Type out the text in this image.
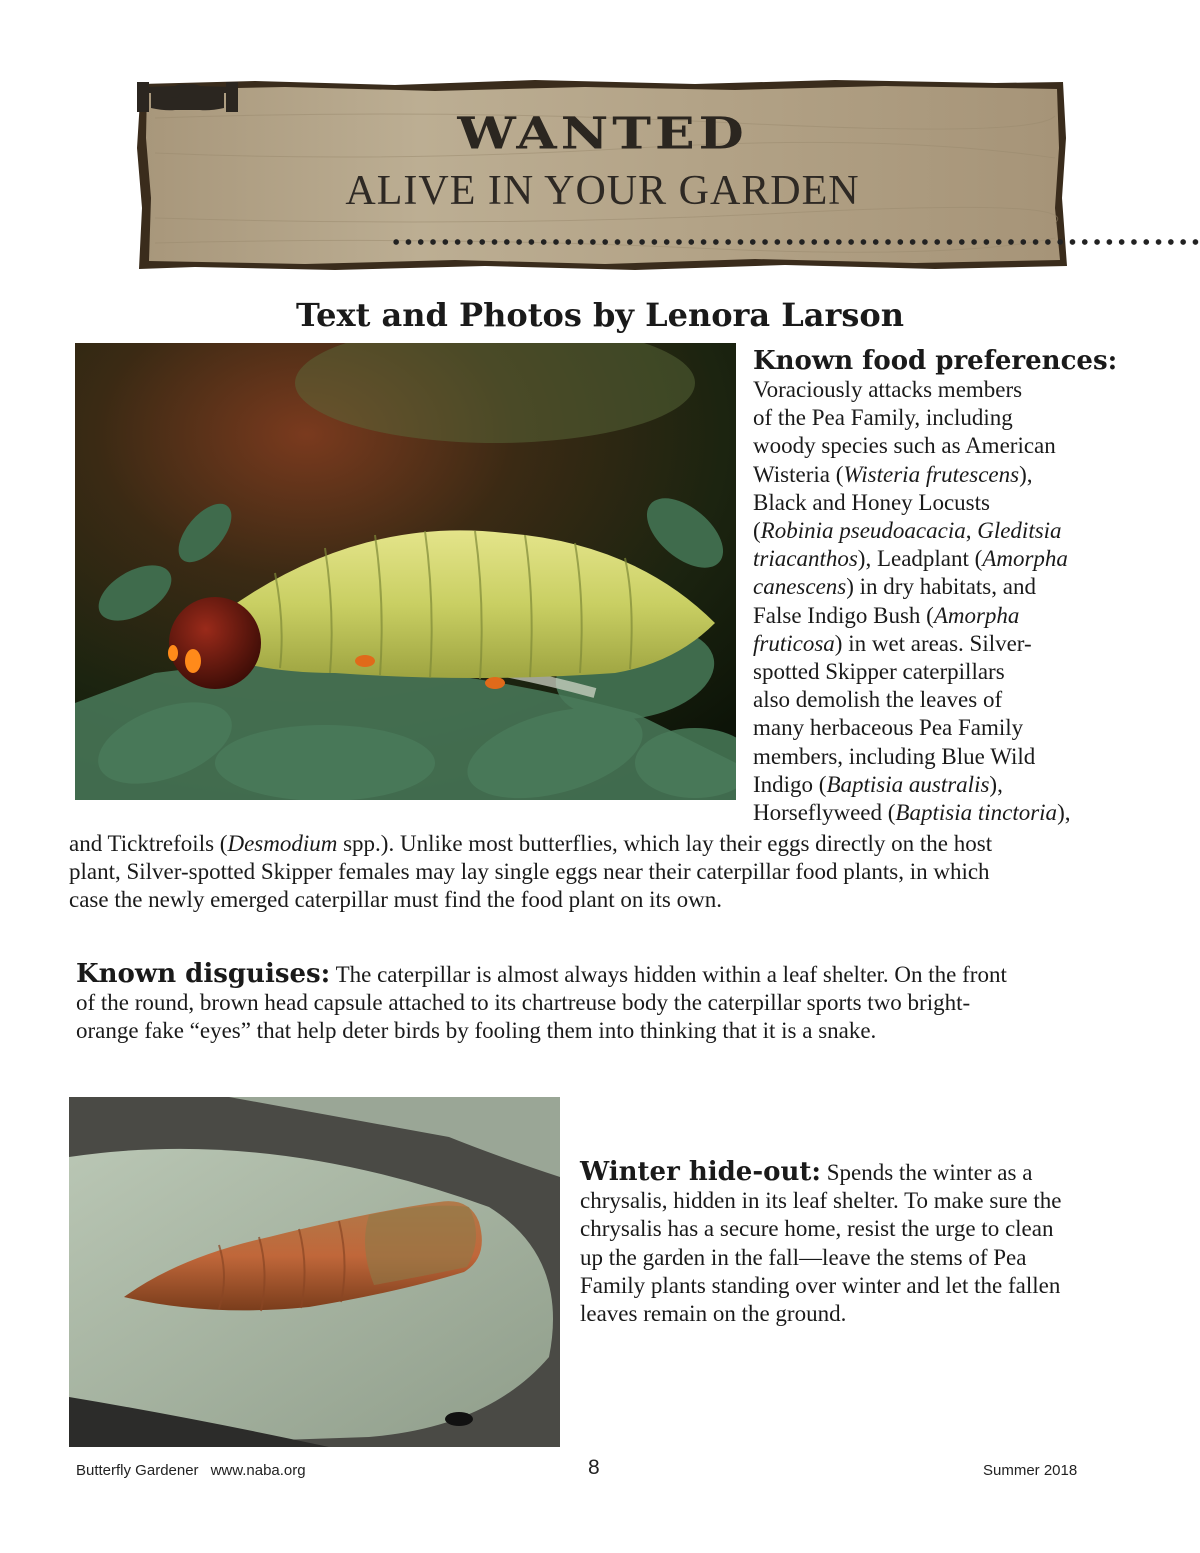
WANTED
ALIVE IN YOUR GARDEN
Text and Photos by Lenora Larson
Known food preferences:
Voraciously attacks members
of the Pea Family, including
woody species such as American
Wisteria (Wisteria frutescens),
Black and Honey Locusts
(Robinia pseudoacacia, Gleditsia
triacanthos), Leadplant (Amorpha
canescens) in dry habitats, and
False Indigo Bush (Amorpha
fruticosa) in wet areas. Silver-
spotted Skipper caterpillars
also demolish the leaves of
many herbaceous Pea Family
members, including Blue Wild
Indigo (Baptisia australis),
Horseflyweed (Baptisia tinctoria),
and Ticktrefoils (Desmodium spp.). Unlike most butterflies, which lay their eggs directly on the host
plant, Silver-spotted Skipper females may lay single eggs near their caterpillar food plants, in which
case the newly emerged caterpillar must find the food plant on its own.
Known disguises: The caterpillar is almost always hidden within a leaf shelter. On the front
of the round, brown head capsule attached to its chartreuse body the caterpillar sports two bright-
orange fake “eyes” that help deter birds by fooling them into thinking that it is a snake.
Winter hide-out: Spends the winter as a
chrysalis, hidden in its leaf shelter. To make sure the
chrysalis has a secure home, resist the urge to clean
up the garden in the fall—leave the stems of Pea
Family plants standing over winter and let the fallen
leaves remain on the ground.
Butterfly Gardener www.naba.org	8	Summer 2018
